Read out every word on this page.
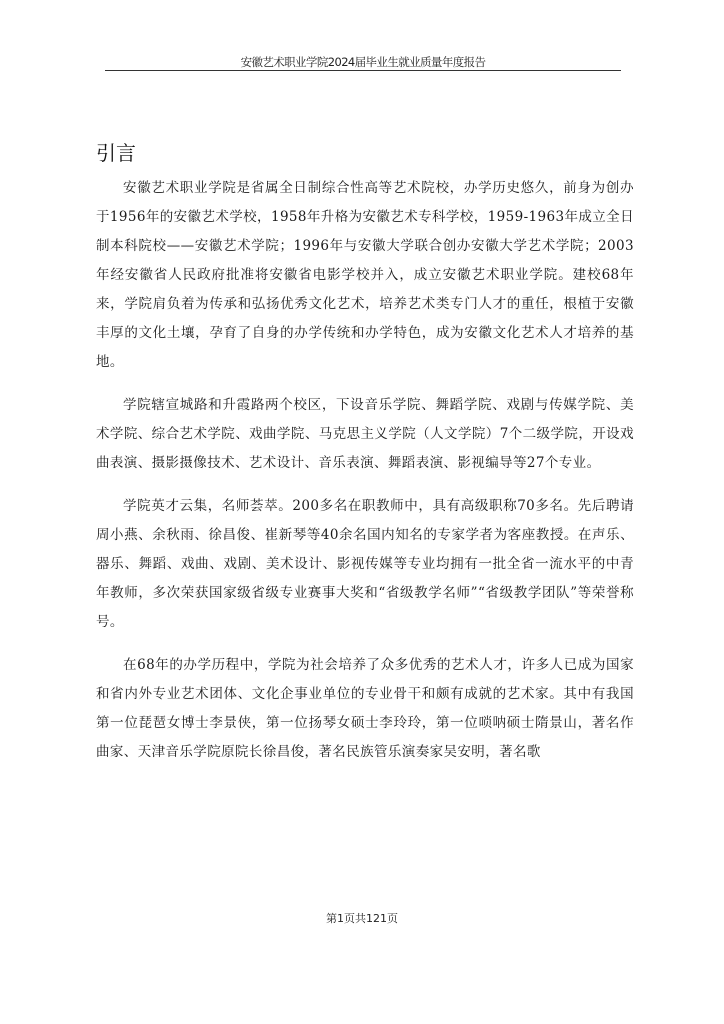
安徽艺术职业学院2024届毕业生就业质量年度报告
引言

安徽艺术职业学院是省属全日制综合性高等艺术院校，办学历史悠久，前身为创办于1956年的安徽艺术学校，1958年升格为安徽艺术专科学校，1959-1963年成立全日制本科院校——安徽艺术学院；1996年与安徽大学联合创办安徽大学艺术学院；2003年经安徽省人民政府批准将安徽省电影学校并入，成立安徽艺术职业学院。建校68年来，学院肩负着为传承和弘扬优秀文化艺术，培养艺术类专门人才的重任，根植于安徽丰厚的文化土壤，孕育了自身的办学传统和办学特色，成为安徽文化艺术人才培养的基地。

学院辖宣城路和升霞路两个校区，下设音乐学院、舞蹈学院、戏剧与传媒学院、美术学院、综合艺术学院、戏曲学院、马克思主义学院（人文学院）7个二级学院，开设戏曲表演、摄影摄像技术、艺术设计、音乐表演、舞蹈表演、影视编导等27个专业。

学院英才云集，名师荟萃。200多名在职教师中，具有高级职称70多名。先后聘请周小燕、余秋雨、徐昌俊、崔新琴等40余名国内知名的专家学者为客座教授。在声乐、器乐、舞蹈、戏曲、戏剧、美术设计、影视传媒等专业均拥有一批全省一流水平的中青年教师，多次荣获国家级省级专业赛事大奖和“省级教学名师”“省级教学团队”等荣誉称号。

在68年的办学历程中，学院为社会培养了众多优秀的艺术人才，许多人已成为国家和省内外专业艺术团体、文化企事业单位的专业骨干和颇有成就的艺术家。其中有我国第一位琵琶女博士李景侠，第一位扬琴女硕士李玲玲，第一位唢呐硕士隋景山，著名作曲家、天津音乐学院原院长徐昌俊，著名民族管乐演奏家吴安明，著名歌

第1页共121页
